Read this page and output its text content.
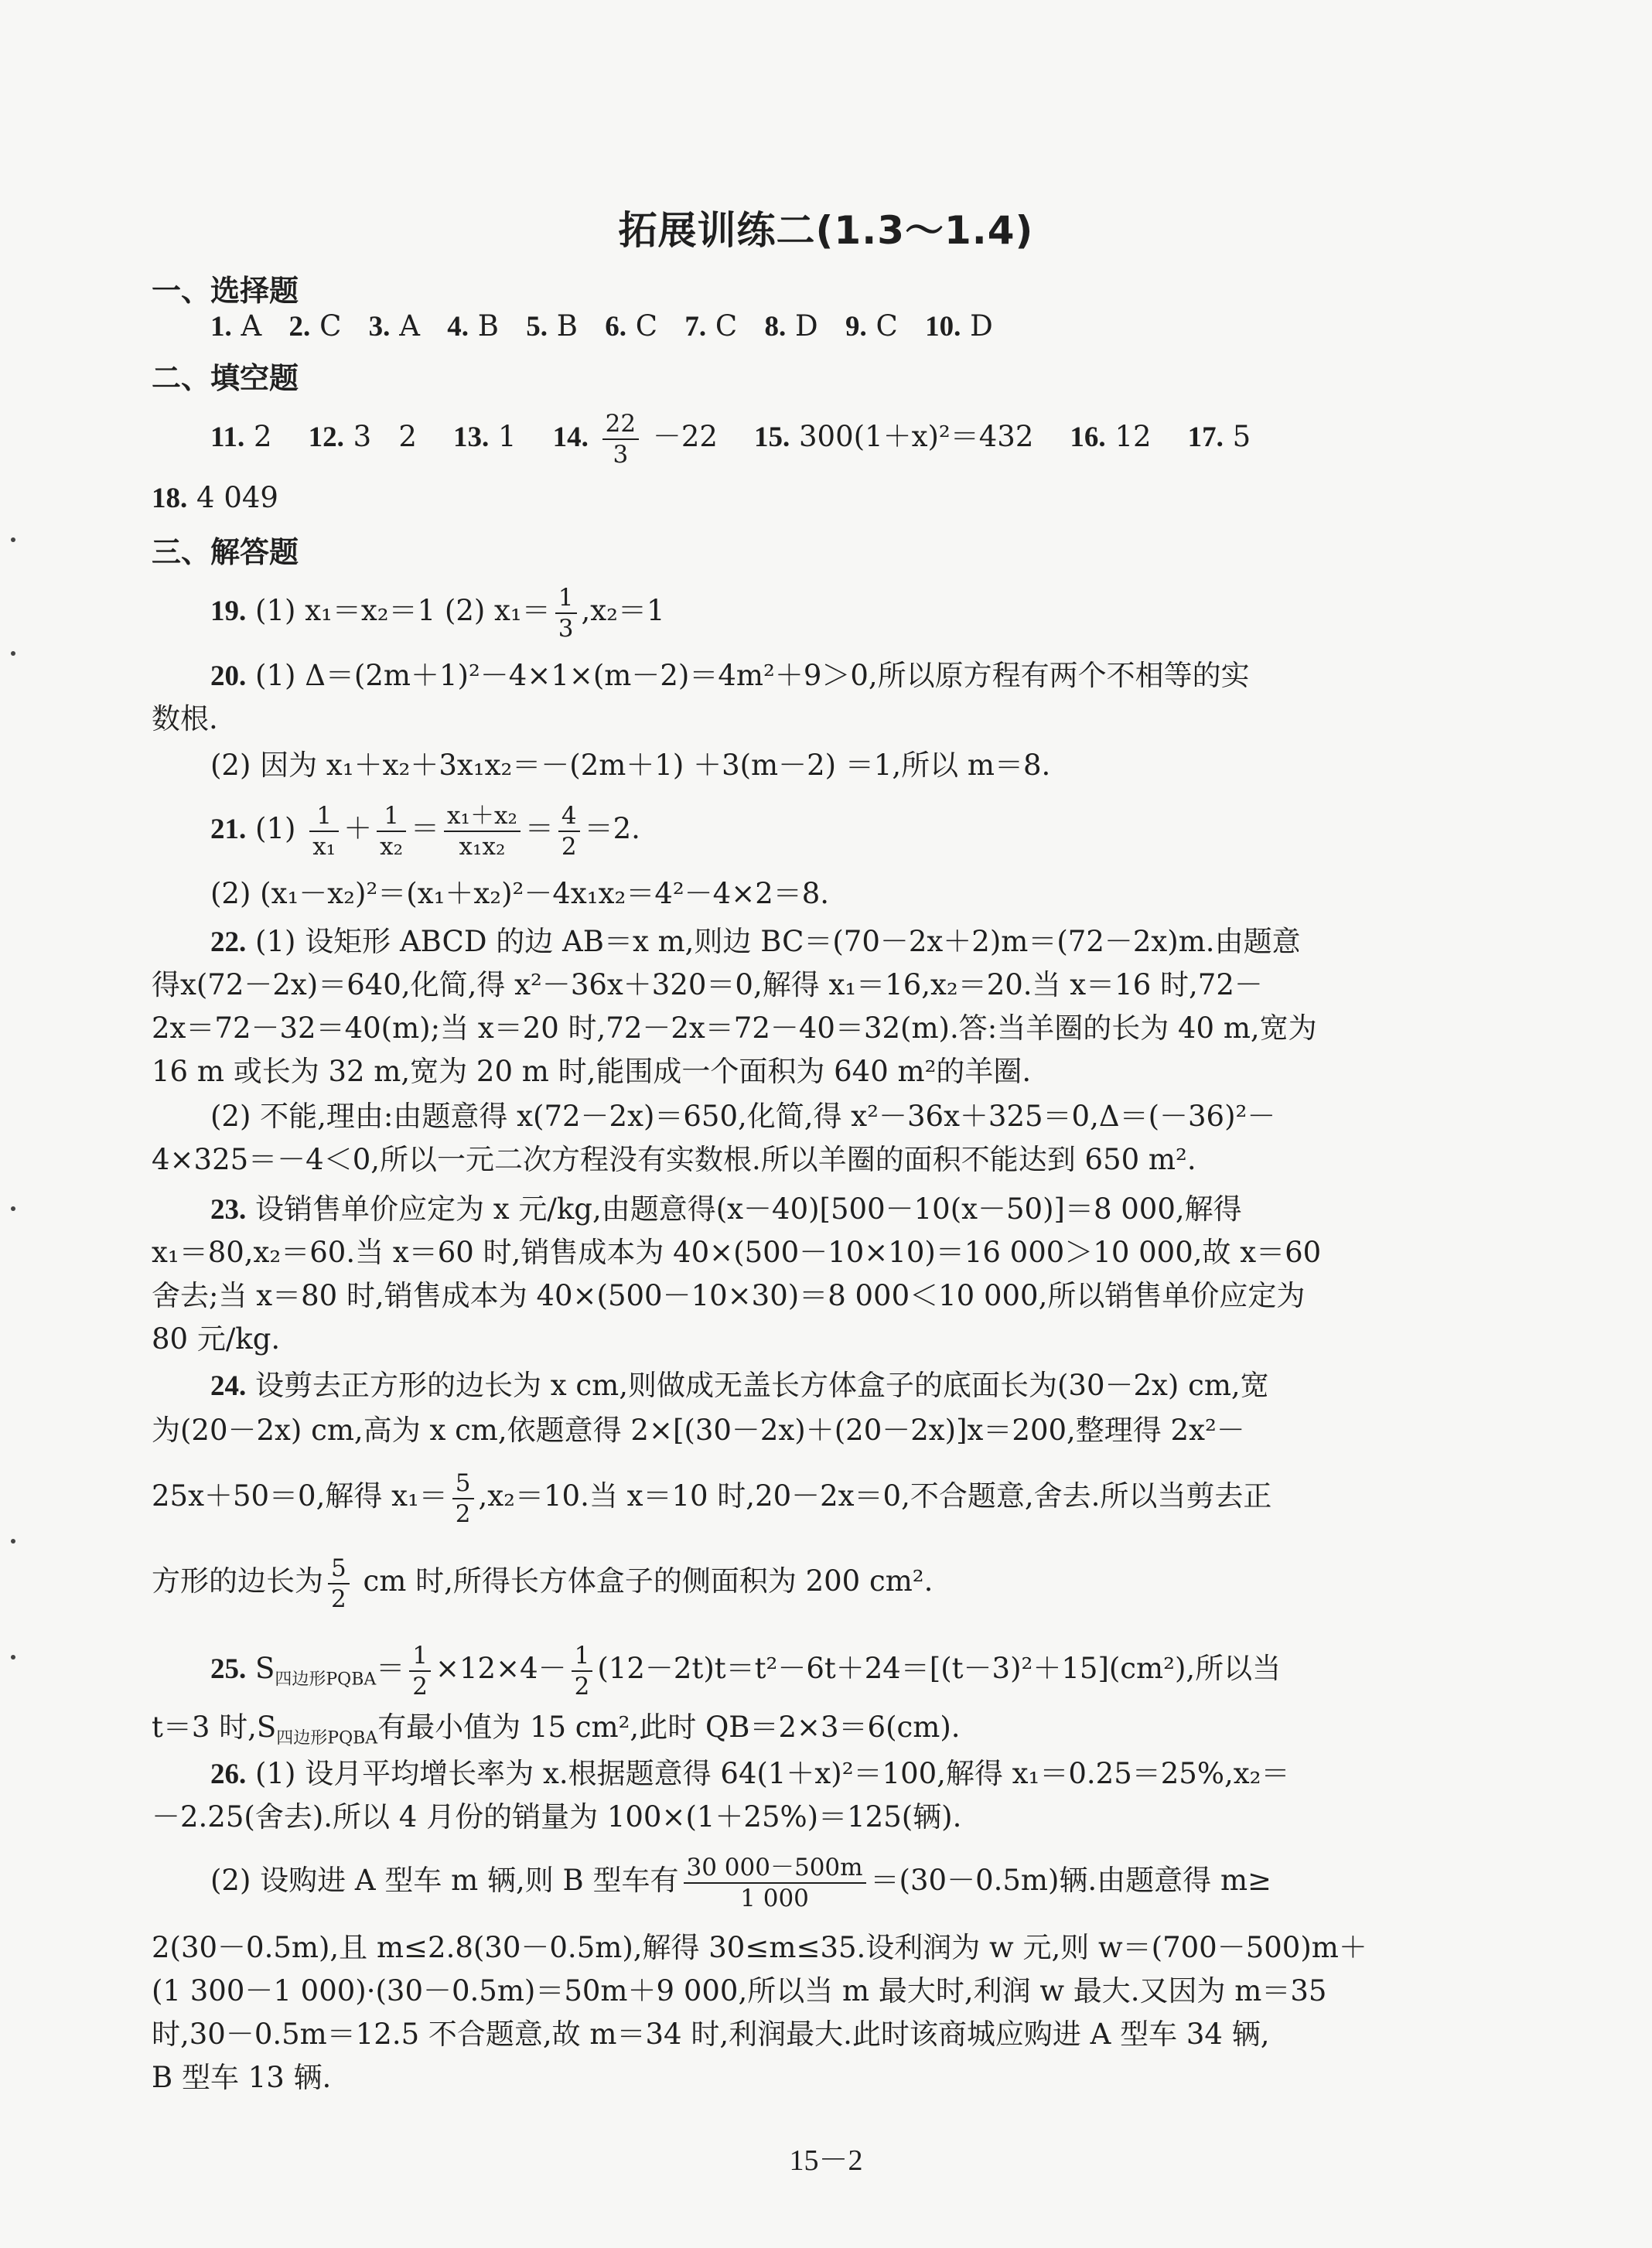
拓展训练二(1.3～1.4)
一、选择题
1. A 2. C 3. A 4. B 5. B 6. C 7. C 8. D 9. C 10. D
二、填空题
11. 2 12. 3   2 13. 1 14. $\frac{22}{3} -22$ 15. 300(1＋x)²＝432 16. 12 17. 5
18. 4 049
三、解答题
19. (1) x₁＝x₂＝1 (2) $x_1= \frac{1}{3} ,x_2=1$
20. (1) Δ＝(2m＋1)²－4×1×(m－2)＝4m²＋9＞0,所以原方程有两个不相等的实
数根.
(2) 因为 x₁＋x₂＋3x₁x₂＝－(2m＋1) ＋3(m－2) ＝1,所以 m＝8.
21. $(1) \frac{1}{\text{x₁}} + \frac{1}{\text{x₂}} = \frac{\text{x₁＋x₂}}{\text{x₁x₂}} = \frac{4}{2} =2$.
(2) (x₁－x₂)²＝(x₁＋x₂)²－4x₁x₂＝4²－4×2＝8.
22. (1) 设矩形 ABCD 的边 AB＝x m,则边 BC＝(70－2x＋2)m＝(72－2x)m.由题意
得x(72－2x)＝640,化简,得 x²－36x＋320＝0,解得 x₁＝16,x₂＝20.当 x＝16 时,72－
2x＝72－32＝40(m);当 x＝20 时,72－2x＝72－40＝32(m).答:当羊圈的长为 40 m,宽为
16 m 或长为 32 m,宽为 20 m 时,能围成一个面积为 640 m²的羊圈.
(2) 不能,理由:由题意得 x(72－2x)＝650,化简,得 x²－36x＋325＝0,Δ＝(－36)²－
4×325＝－4＜0,所以一元二次方程没有实数根.所以羊圈的面积不能达到 650 m².
23. 设销售单价应定为 x 元/kg,由题意得(x－40)[500－10(x－50)]＝8 000,解得
x₁＝80,x₂＝60.当 x＝60 时,销售成本为 40×(500－10×10)＝16 000＞10 000,故 x＝60
舍去;当 x＝80 时,销售成本为 40×(500－10×30)＝8 000＜10 000,所以销售单价应定为
80 元/kg.
24. 设剪去正方形的边长为 x cm,则做成无盖长方体盒子的底面长为(30－2x) cm,宽
为(20－2x) cm,高为 x cm,依题意得 2×[(30－2x)＋(20－2x)]x＝200,整理得 2x²－
25x＋50＝0,解得 $x_1= \frac{5}{2} ,x_2=10$.当 x＝10 时,20－2x＝0,不合题意,舍去.所以当剪去正
方形的边长为 $\frac{5}{2}$ cm 时,所得长方体盒子的侧面积为 200 cm².
25. $S_{四边形PQBA}= \frac{1}{2} \times 12\times 4- \frac{1}{2} (12-2t)t=t^2-6t+24=[(t-3)^2+15](cm^2)$,所以当
t＝3 时$,S_{四边形PQBA}$有最小值为 15 cm²,此时 QB＝2×3＝6(cm).
26. (1) 设月平均增长率为 x.根据题意得 64(1＋x)²＝100,解得 x₁＝0.25＝25%,x₂＝
－2.25(舍去).所以 4 月份的销量为 100×(1＋25%)＝125(辆).
(2) 设购进 A 型车 m 辆,则 B 型车有 $\frac{30 000-500m}{1 000} =(30-0.5m)$辆.由题意得 m≥
2(30－0.5m),且 m≤2.8(30－0.5m),解得 30≤m≤35.设利润为 w 元,则 w＝(700－500)m＋
(1 300－1 000)·(30－0.5m)＝50m＋9 000,所以当 m 最大时,利润 w 最大.又因为 m＝35
时,30－0.5m＝12.5 不合题意,故 m＝34 时,利润最大.此时该商城应购进 A 型车 34 辆,
B 型车 13 辆.
15－2
